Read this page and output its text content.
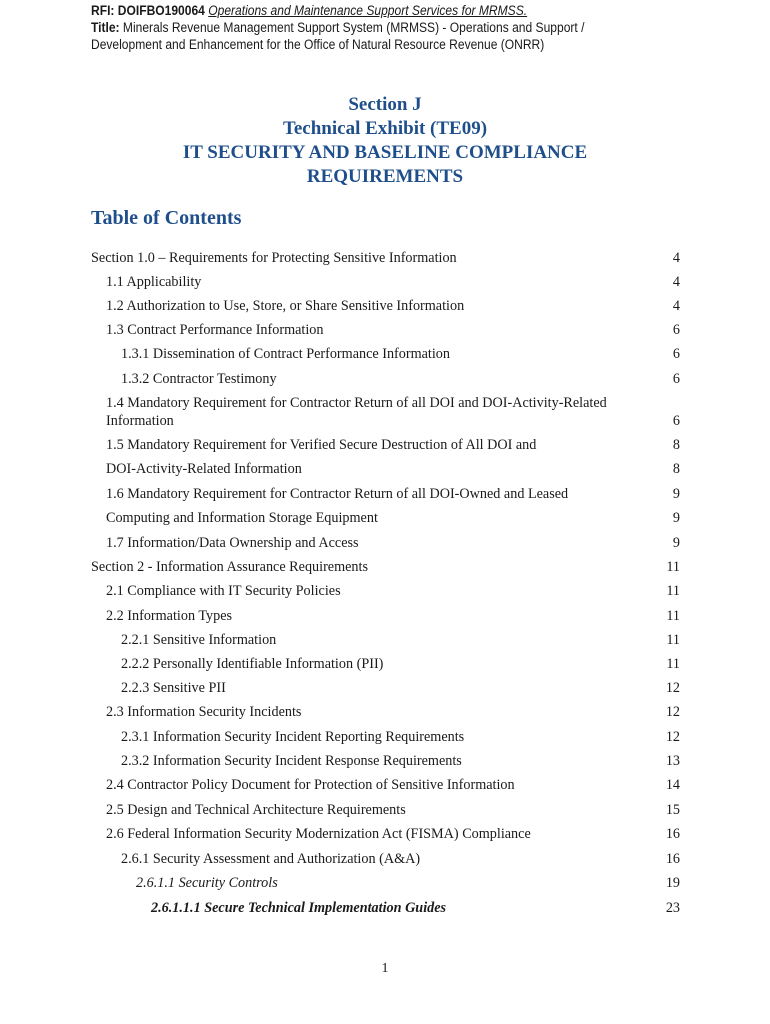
RFI: DOIFBO190064 Operations and Maintenance Support Services for MRMSS.
Title: Minerals Revenue Management Support System (MRMSS) - Operations and Support / Development and Enhancement for the Office of Natural Resource Revenue (ONRR)
Section J
Technical Exhibit (TE09)
IT SECURITY AND BASELINE COMPLIANCE
REQUIREMENTS
Table of Contents
Section 1.0 – Requirements for Protecting Sensitive Information	4
1.1 Applicability	4
1.2 Authorization to Use, Store, or Share Sensitive Information	4
1.3 Contract Performance Information	6
1.3.1 Dissemination of Contract Performance Information	6
1.3.2 Contractor Testimony	6
1.4 Mandatory Requirement for Contractor Return of all DOI and DOI-Activity-Related Information	6
1.5 Mandatory Requirement for Verified Secure Destruction of All DOI and	8
DOI-Activity-Related Information	8
1.6 Mandatory Requirement for Contractor Return of all DOI-Owned and Leased	9
Computing and Information Storage Equipment	9
1.7 Information/Data Ownership and Access	9
Section 2 - Information Assurance Requirements	11
2.1 Compliance with IT Security Policies	11
2.2 Information Types	11
2.2.1 Sensitive Information	11
2.2.2 Personally Identifiable Information (PII)	11
2.2.3 Sensitive PII	12
2.3 Information Security Incidents	12
2.3.1 Information Security Incident Reporting Requirements	12
2.3.2 Information Security Incident Response Requirements	13
2.4 Contractor Policy Document for Protection of Sensitive Information	14
2.5 Design and Technical Architecture Requirements	15
2.6 Federal Information Security Modernization Act (FISMA) Compliance	16
2.6.1 Security Assessment and Authorization (A&A)	16
2.6.1.1 Security Controls	19
2.6.1.1.1 Secure Technical Implementation Guides	23
1
